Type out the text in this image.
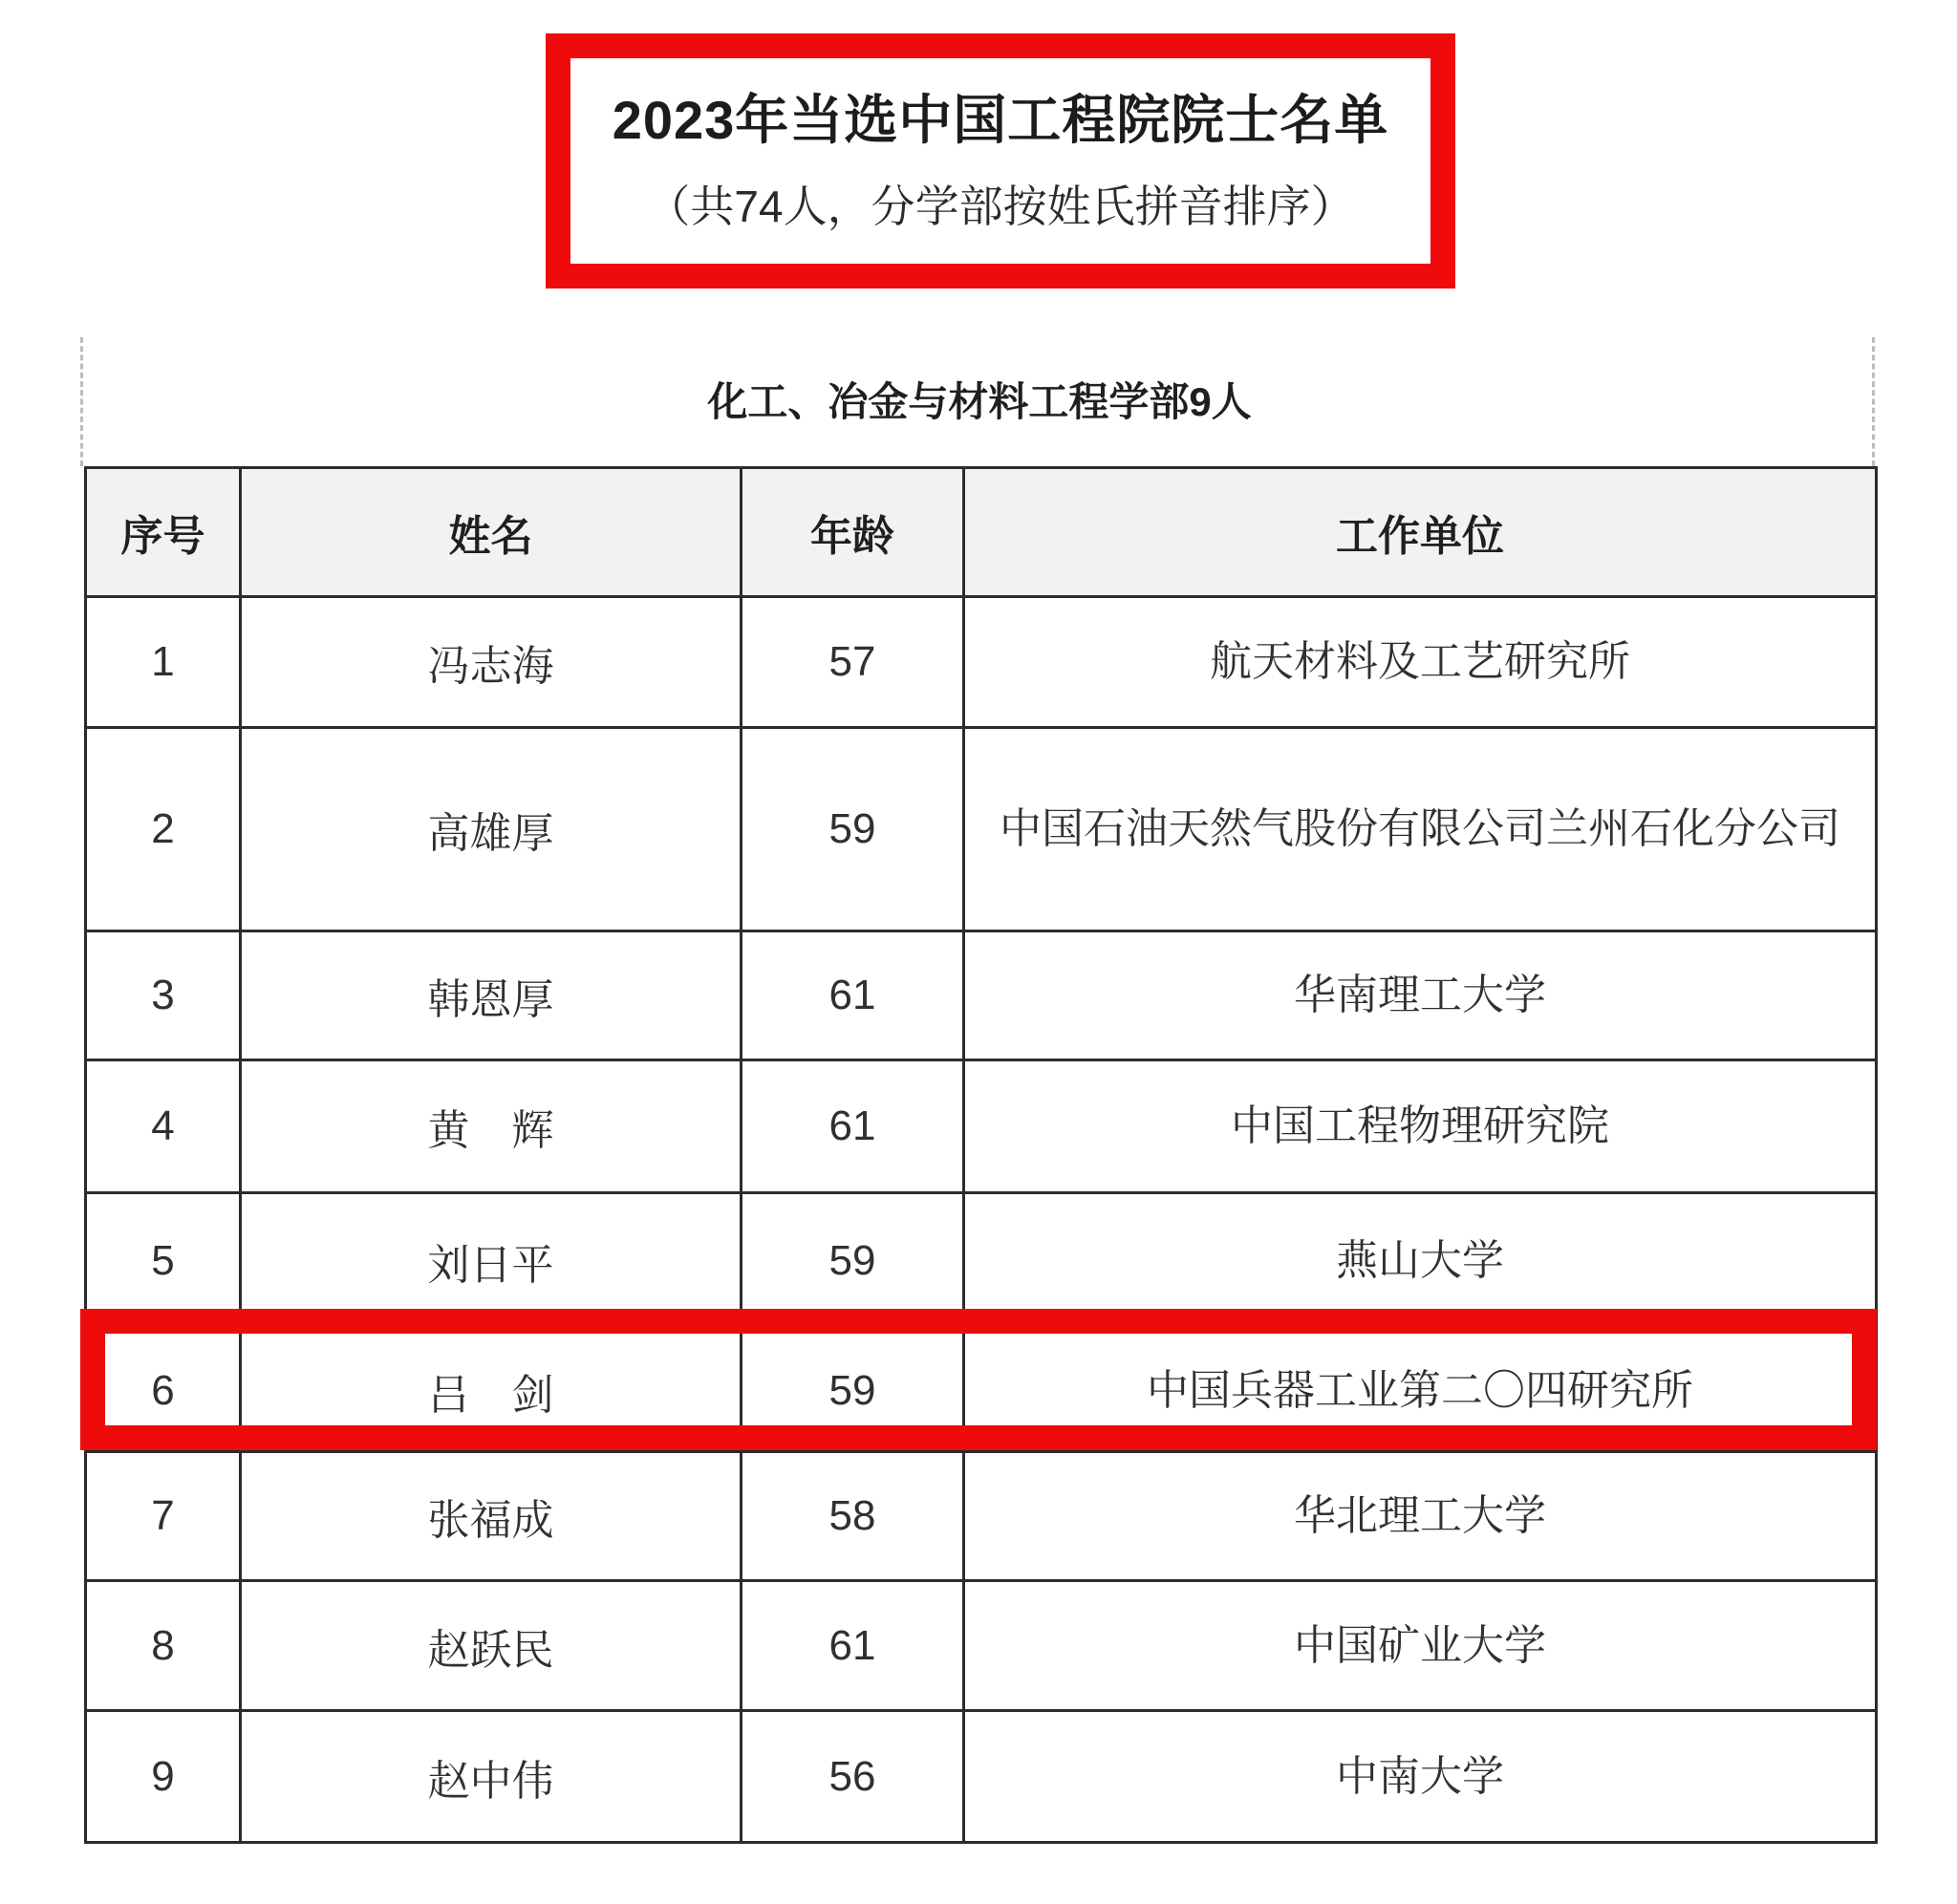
2023年当选中国工程院院士名单
（共74人，分学部按姓氏拼音排序）
化工、冶金与材料工程学部9人
序号	姓名	年龄	工作单位
1	冯志海	57	航天材料及工艺研究所
2	高雄厚	59	中国石油天然气股份有限公司兰州石化分公司
3	韩恩厚	61	华南理工大学
4	黄　辉	61	中国工程物理研究院
5	刘日平	59	燕山大学
6	吕　剑	59	中国兵器工业第二〇四研究所
7	张福成	58	华北理工大学
8	赵跃民	61	中国矿业大学
9	赵中伟	56	中南大学
